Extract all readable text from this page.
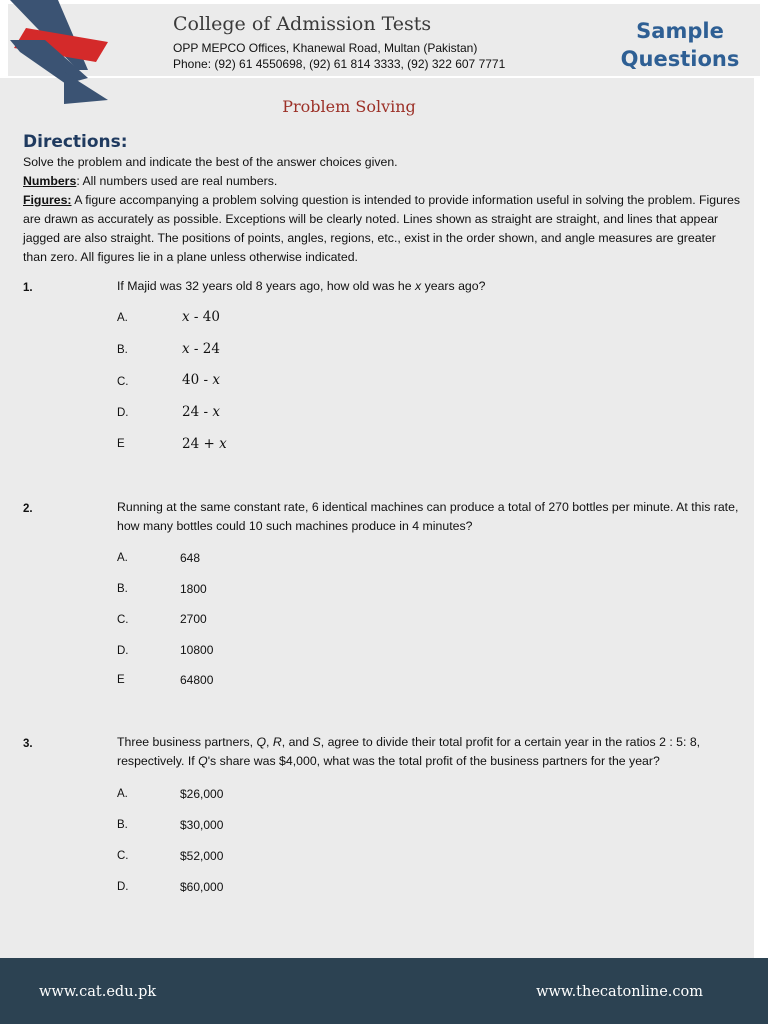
College of Admission Tests
OPP MEPCO Offices, Khanewal Road, Multan (Pakistan)
Phone: (92) 61 4550698, (92) 61 814 3333, (92) 322 607 7771
Sample
Questions
Problem Solving
Directions:

Solve the problem and indicate the best of the answer choices given.

Numbers: All numbers used are real numbers.

Figures: A figure accompanying a problem solving question is intended to provide information useful in solving the problem. Figures are drawn as accurately as possible. Exceptions will be clearly noted. Lines shown as straight are straight, and lines that appear jagged are also straight. The positions of points, angles, regions, etc., exist in the order shown, and angle measures are greater than zero. All figures lie in a plane unless otherwise indicated.

1.	If Majid was 32 years old 8 years ago, how old was he x years ago?
A.	x - 40
B.	x - 24
C.	40 - x
D.	24 - x
E	24 + x
2.	Running at the same constant rate, 6 identical machines can produce a total of 270 bottles per minute. At this rate, how many bottles could 10 such machines produce in 4 minutes?
A.	648
B.	1800
C.	2700
D.	10800
E	64800
3.	Three business partners, Q, R, and S, agree to divide their total profit for a certain year in the ratios 2 : 5: 8, respectively. If Q's share was $4,000, what was the total profit of the business partners for the year?
A.	$26,000
B.	$30,000
C.	$52,000
D.	$60,000
www.cat.edu.pk	www.thecatonline.com
